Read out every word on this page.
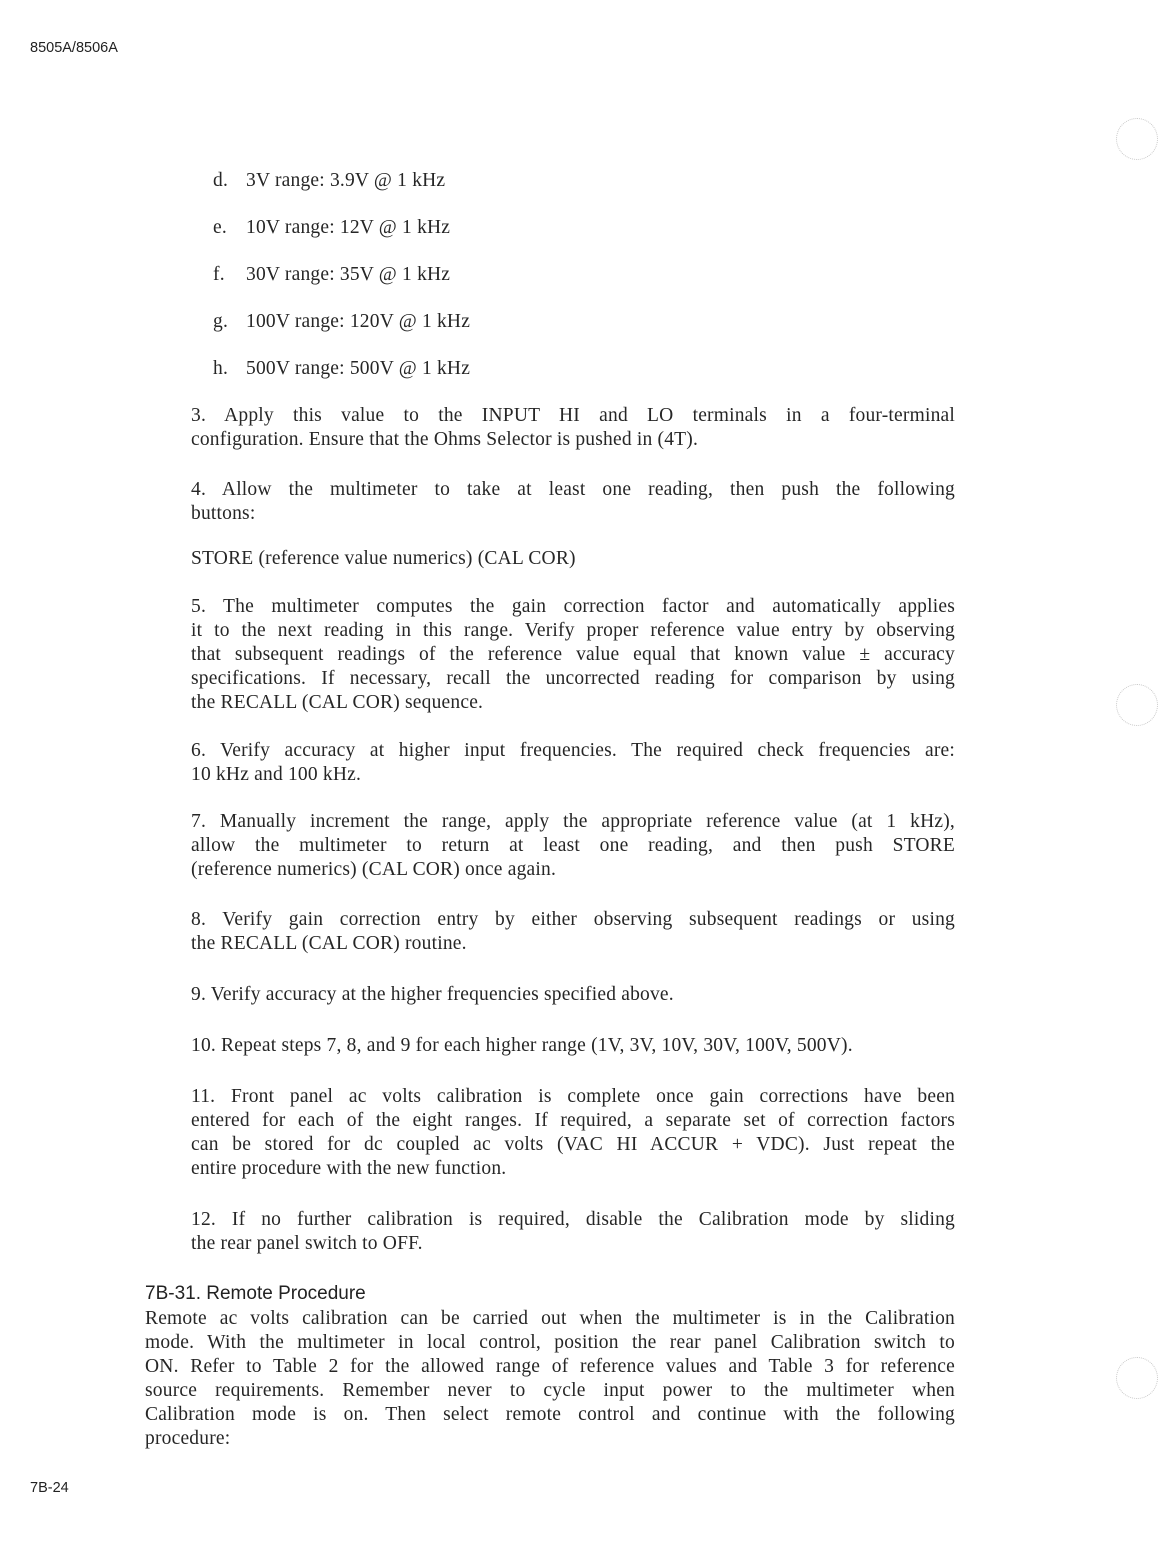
8505A/8506A
d. 3V range: 3.9V @ 1 kHz
e. 10V range: 12V @ 1 kHz
f. 30V range: 35V @ 1 kHz
g. 100V range: 120V @ 1 kHz
h. 500V range: 500V @ 1 kHz
3. Apply this value to the INPUT HI and LO terminals in a four-terminal
configuration. Ensure that the Ohms Selector is pushed in (4T).
4. Allow the multimeter to take at least one reading, then push the following
buttons:
STORE (reference value numerics) (CAL COR)
5. The multimeter computes the gain correction factor and automatically applies
it to the next reading in this range. Verify proper reference value entry by observing
that subsequent readings of the reference value equal that known value ± accuracy
specifications. If necessary, recall the uncorrected reading for comparison by using
the RECALL (CAL COR) sequence.
6. Verify accuracy at higher input frequencies. The required check frequencies are:
10 kHz and 100 kHz.
7. Manually increment the range, apply the appropriate reference value (at 1 kHz),
allow the multimeter to return at least one reading, and then push STORE
(reference numerics) (CAL COR) once again.
8. Verify gain correction entry by either observing subsequent readings or using
the RECALL (CAL COR) routine.
9. Verify accuracy at the higher frequencies specified above.
10. Repeat steps 7, 8, and 9 for each higher range (1V, 3V, 10V, 30V, 100V, 500V).
11. Front panel ac volts calibration is complete once gain corrections have been
entered for each of the eight ranges. If required, a separate set of correction factors
can be stored for dc coupled ac volts (VAC HI ACCUR + VDC). Just repeat the
entire procedure with the new function.
12. If no further calibration is required, disable the Calibration mode by sliding
the rear panel switch to OFF.
7B-31. Remote Procedure
Remote ac volts calibration can be carried out when the multimeter is in the Calibration
mode. With the multimeter in local control, position the rear panel Calibration switch to
ON. Refer to Table 2 for the allowed range of reference values and Table 3 for reference
source requirements. Remember never to cycle input power to the multimeter when
Calibration mode is on. Then select remote control and continue with the following
procedure:
7B-24
